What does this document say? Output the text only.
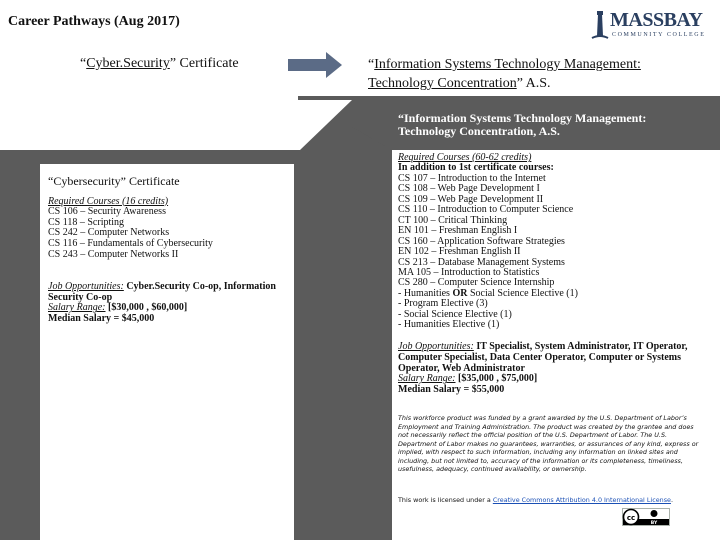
Career Pathways (Aug 2017)	MASSBAY
COMMUNITY COLLEGE
“Cyber.Security” Certificate	“Information Systems Technology Management: Technology Concentration” A.S.
“Information Systems Technology Management: Technology Concentration, A.S.
“Cybersecurity” Certificate
Required Courses (16 credits)
CS 106 – Security Awareness
CS 118 – Scripting
CS 242 – Computer Networks
CS 116 – Fundamentals of Cybersecurity
CS 243 – Computer Networks II
Job Opportunities: Cyber.Security Co-op, Information Security Co-op
Salary Range: [$30,000 , $60,000]
Median Salary = $45,000
Required Courses (60-62 credits)
In addition to 1st certificate courses:
CS 107 – Introduction to the Internet
CS 108 – Web Page Development I
CS 109 – Web Page Development II
CS 110 – Introduction to Computer Science
CT 100 – Critical Thinking
EN 101 – Freshman English I
CS 160 – Application Software Strategies
EN 102 – Freshman English II
CS 213 – Database Management Systems
MA 105 – Introduction to Statistics
CS 280 – Computer Science Internship
- Humanities OR Social Science Elective (1)
- Program Elective (3)
- Social Science Elective (1)
- Humanities Elective (1)
Job Opportunities: IT Specialist, System Administrator, IT Operator, Computer Specialist, Data Center Operator, Computer or Systems Operator, Web Administrator
Salary Range: [$35,000 , $75,000]
Median Salary = $55,000
This workforce product was funded by a grant awarded by the U.S. Department of Labor’s Employment and Training Administration. The product was created by the grantee and does not necessarily reflect the official position of the U.S. Department of Labor. The U.S. Department of Labor makes no guarantees, warranties, or assurances of any kind, express or implied, with respect to such information, including any information on linked sites and including, but not limited to, accuracy of the information or its completeness, timeliness, usefulness, adequacy, continued availability, or ownership.
This work is licensed under a Creative Commons Attribution 4.0 International License.
cc
BY
